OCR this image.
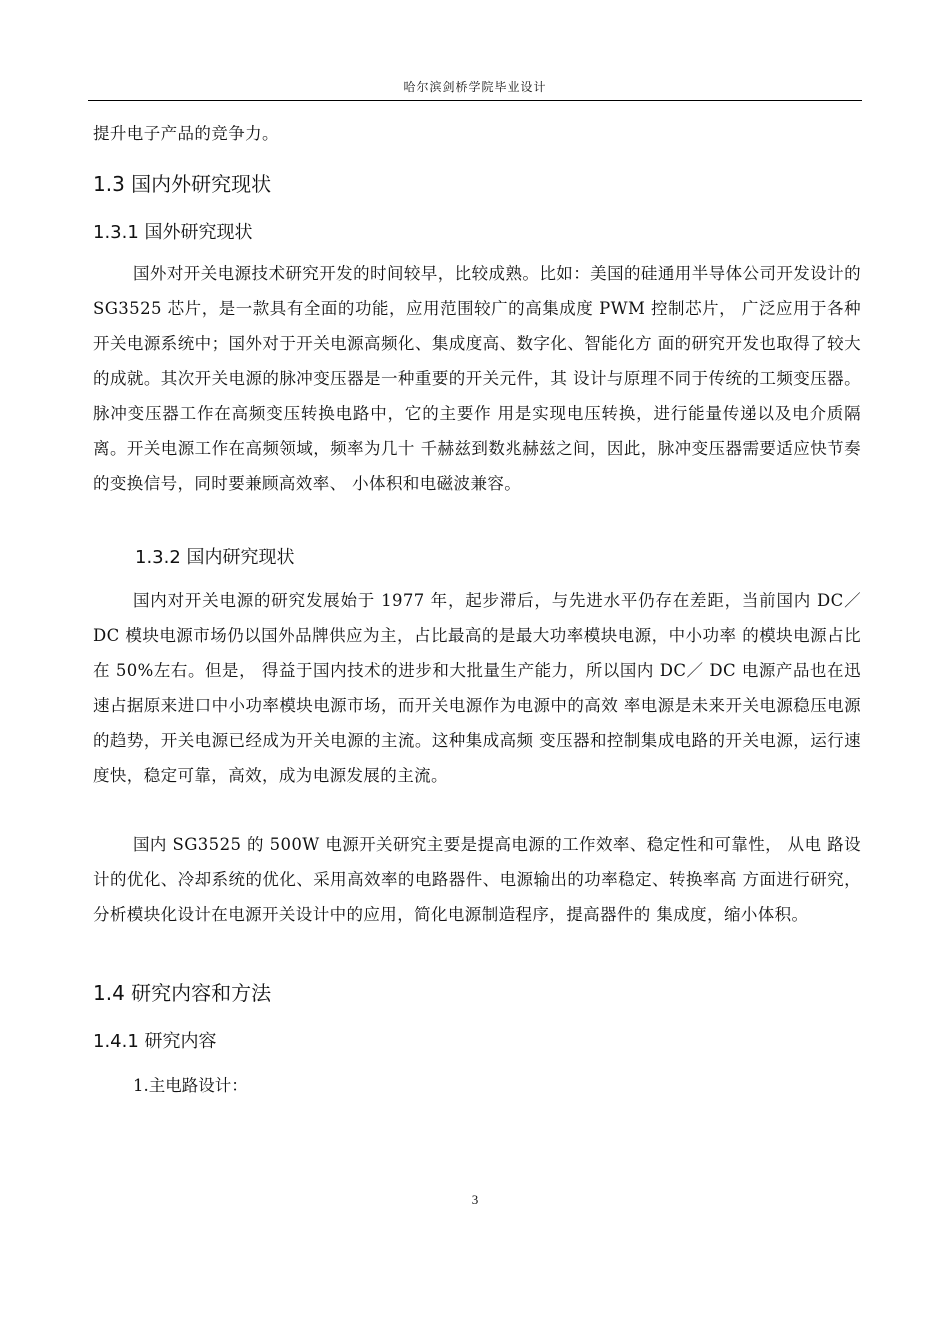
哈尔滨剑桥学院毕业设计
提升电子产品的竞争力。
1.3 国内外研究现状
1.3.1 国外研究现状
国外对开关电源技术研究开发的时间较早，比较成熟。比如：美国的硅通用半导体公司开发设计的 SG3525 芯片，是一款具有全面的功能，应用范围较广的高集成度 PWM 控制芯片， 广泛应用于各种开关电源系统中；国外对于开关电源高频化、集成度高、数字化、智能化方 面的研究开发也取得了较大的成就。其次开关电源的脉冲变压器是一种重要的开关元件，其 设计与原理不同于传统的工频变压器。脉冲变压器工作在高频变压转换电路中，它的主要作 用是实现电压转换，进行能量传递以及电介质隔离。开关电源工作在高频领域，频率为几十 千赫兹到数兆赫兹之间，因此，脉冲变压器需要适应快节奏的变换信号，同时要兼顾高效率、 小体积和电磁波兼容。
1.3.2 国内研究现状
国内对开关电源的研究发展始于 1977 年，起步滞后，与先进水平仍存在差距，当前国内 DC／DC 模块电源市场仍以国外品牌供应为主，占比最高的是最大功率模块电源，中小功率 的模块电源占比在 50%左右。但是， 得益于国内技术的进步和大批量生产能力，所以国内 DC／ DC 电源产品也在迅速占据原来进口中小功率模块电源市场，而开关电源作为电源中的高效 率电源是未来开关电源稳压电源的趋势，开关电源已经成为开关电源的主流。这种集成高频 变压器和控制集成电路的开关电源，运行速度快，稳定可靠，高效，成为电源发展的主流。
国内 SG3525 的 500W 电源开关研究主要是提高电源的工作效率、稳定性和可靠性， 从电 路设计的优化、冷却系统的优化、采用高效率的电路器件、电源输出的功率稳定、转换率高 方面进行研究，分析模块化设计在电源开关设计中的应用，简化电源制造程序，提高器件的 集成度，缩小体积。
1.4 研究内容和方法
1.4.1 研究内容
1.主电路设计：
3
